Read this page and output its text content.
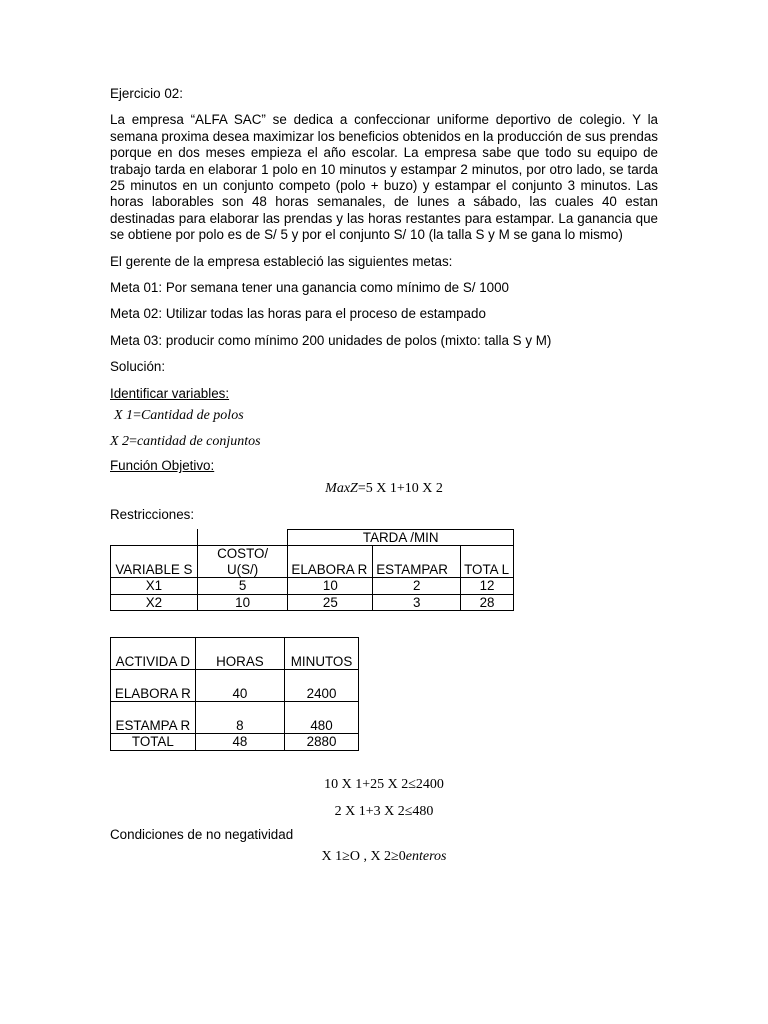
Ejercicio 02:

La empresa “ALFA SAC” se dedica a confeccionar uniforme deportivo de colegio. Y la semana proxima desea maximizar los beneficios obtenidos en la producción de sus prendas porque en dos meses empieza el año escolar. La empresa sabe que todo su equipo de trabajo tarda en elaborar 1 polo en 10 minutos y estampar 2 minutos, por otro lado, se tarda 25 minutos en un conjunto competo (polo + buzo) y estampar el conjunto 3 minutos. Las horas laborables son 48 horas semanales, de lunes a sábado, las cuales 40 estan destinadas para elaborar las prendas y las horas restantes para estampar. La ganancia que se obtiene por polo es de S/ 5 y por el conjunto S/ 10 (la talla S y M se gana lo mismo)

El gerente de la empresa estableció las siguientes metas:

Meta 01: Por semana tener una ganancia como mínimo de S/ 1000

Meta 02: Utilizar todas las horas para el proceso de estampado

Meta 03: producir como mínimo 200 unidades de polos (mixto: talla S y M)

Solución:

Identificar variables:

X 1=Cantidad de polos
X 2=cantidad de conjuntos

Función Objetivo:

MaxZ=5 X 1+10 X 2

Restricciones:

		TARDA /MIN		
VARIABLE S	COSTO/ U(S/)	ELABORA R	ESTAMPAR	TOTA L
X1	5	10	2	12
X2	10	25	3	28
ACTIVIDA D	HORAS	MINUTOS
ELABORA R	40	2400
ESTAMPA R	8	480
TOTAL	48	2880
10 X 1+25 X 2≤2400
2 X 1+3 X 2≤480

Condiciones de no negatividad

X 1≥O , X 2≥0enteros
